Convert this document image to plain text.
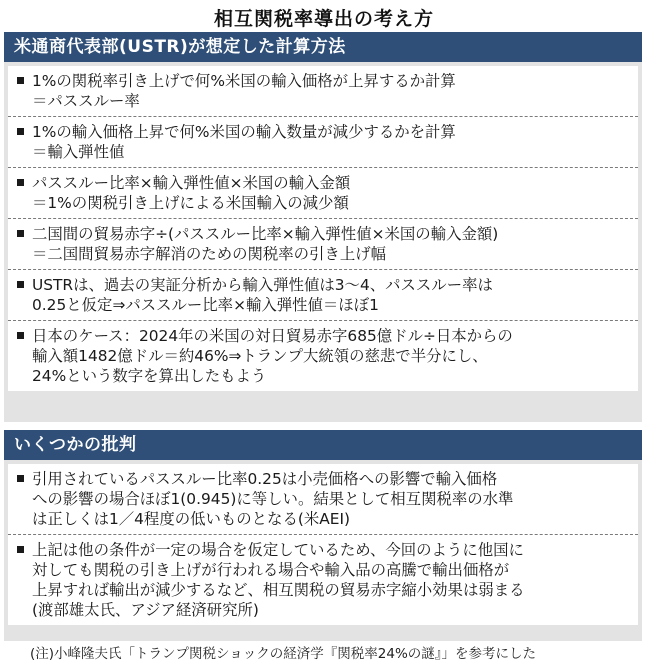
相互関税率導出の考え方
米通商代表部(USTR)が想定した計算方法
1%の関税率引き上げで何%米国の輸入価格が上昇するか計算
＝パススルー率
1%の輸入価格上昇で何%米国の輸入数量が減少するかを計算
＝輸入弾性値
パススルー比率×輸入弾性値×米国の輸入金額
＝1%の関税引き上げによる米国輸入の減少額
二国間の貿易赤字÷(パススルー比率×輸入弾性値×米国の輸入金額)
＝二国間貿易赤字解消のための関税率の引き上げ幅
USTRは、過去の実証分析から輸入弾性値は3～4、パススルー率は
0.25と仮定⇒パススルー比率×輸入弾性値＝ほぼ1
日本のケース：2024年の米国の対日貿易赤字685億ドル÷日本からの
輸入額1482億ドル＝約46%⇒トランプ大統領の慈悲で半分にし、
24%という数字を算出したもよう
いくつかの批判
引用されているパススルー比率0.25は小売価格への影響で輸入価格
への影響の場合ほぼ1(0.945)に等しい。結果として相互関税率の水準
は正しくは1／4程度の低いものとなる(米AEI)
上記は他の条件が一定の場合を仮定しているため、今回のように他国に
対しても関税の引き上げが行われる場合や輸入品の高騰で輸出価格が
上昇すれば輸出が減少するなど、相互関税の貿易赤字縮小効果は弱まる
(渡部雄太氏、アジア経済研究所)
(注)小峰隆夫氏「トランプ関税ショックの経済学『関税率24%の謎』」を参考にした
